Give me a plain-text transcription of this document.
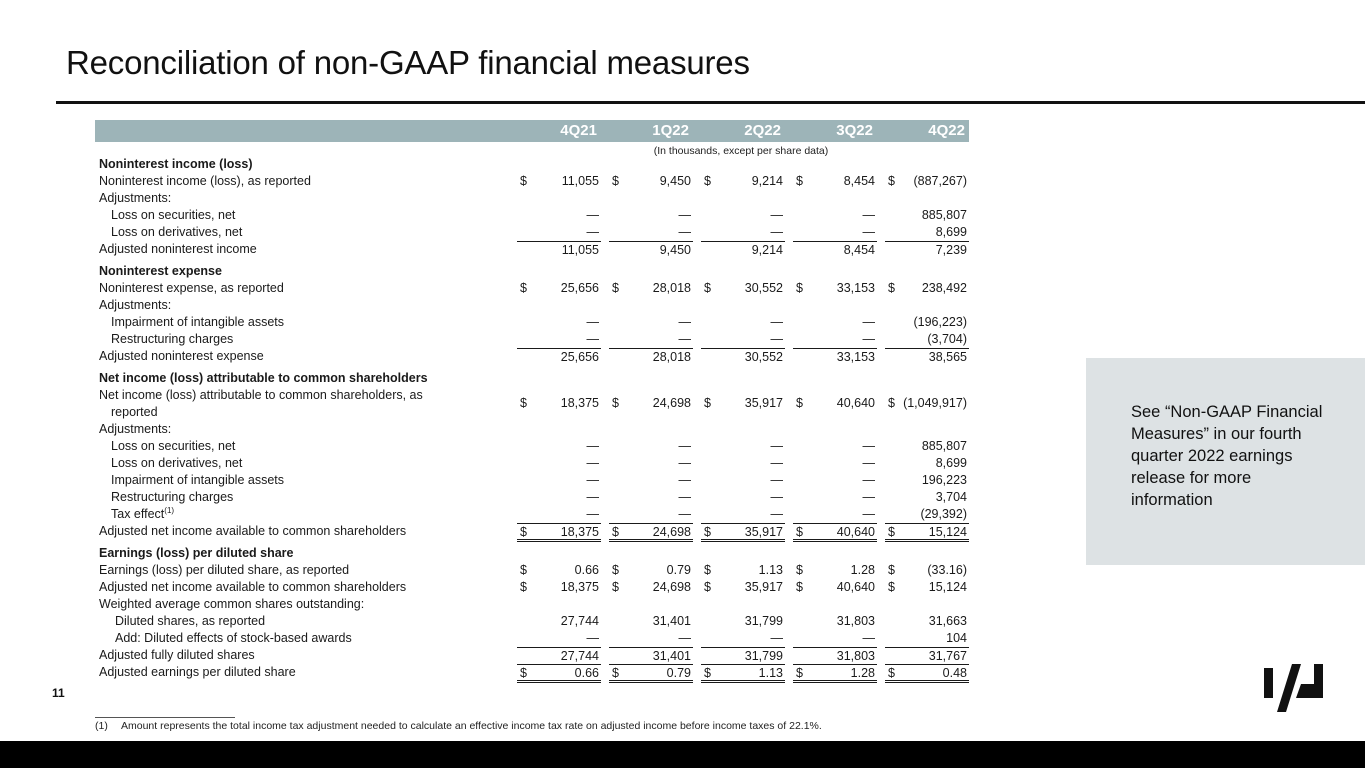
Reconciliation of non-GAAP financial measures
4Q21	1Q22	2Q22	3Q22	4Q22
(In thousands, except per share data)
Noninterest income (loss)
Noninterest income (loss), as reported	$	11,055 $	9,450 $	9,214 $	8,454 $ (887,267)
Adjustments:
Loss on securities, net	—	—	—	—	885,807
Loss on derivatives, net	—	—	—	—	8,699
Adjusted noninterest income	11,055	9,450	9,214	8,454	7,239
Noninterest expense
Noninterest expense, as reported	$	25,656 $	28,018 $	30,552 $	33,153 $ 238,492
Adjustments:
Impairment of intangible assets	—	—	—	—	(196,223)
Restructuring charges	—	—	—	—	(3,704)
Adjusted noninterest expense	25,656	28,018	30,552	33,153	38,565
Net income (loss) attributable to common shareholders
Net income (loss) attributable to common shareholders, as
reported
$	18,375 $	24,698 $	35,917 $	40,640 $ (1,049,917)
Adjustments:
Loss on securities, net	—	—	—	—	885,807
Loss on derivatives, net	—	—	—	—	8,699
Impairment of intangible assets	—	—	—	—	196,223
Restructuring charges	—	—	—	—	3,704
Tax effect$^{(1)}$	—	—	—	—	(29,392)
Adjusted net income available to common shareholders	$	18,375 $	24,698 $	35,917 $	40,640 $	15,124
Earnings (loss) per diluted share
Earnings (loss) per diluted share, as reported	$	0.66 $	0.79 $	1.13 $	1.28 $	(33.16)
Adjusted net income available to common shareholders	$	18,375 $	24,698 $	35,917 $	40,640 $	15,124
Weighted average common shares outstanding:
Diluted shares, as reported	27,744	31,401	31,799	31,803	31,663
Add: Diluted effects of stock-based awards	—	—	—	—	104
Adjusted fully diluted shares	27,744	31,401	31,799	31,803	31,767
Adjusted earnings per diluted share	$	0.66 $	0.79 $	1.13 $	1.28 $	0.48
11
(1) Amount represents the total income tax adjustment needed to calculate an effective income tax rate on adjusted income before income taxes of 22.1%.
See “Non-GAAP Financial Measures” in our fourth quarter 2022 earnings release for more information
